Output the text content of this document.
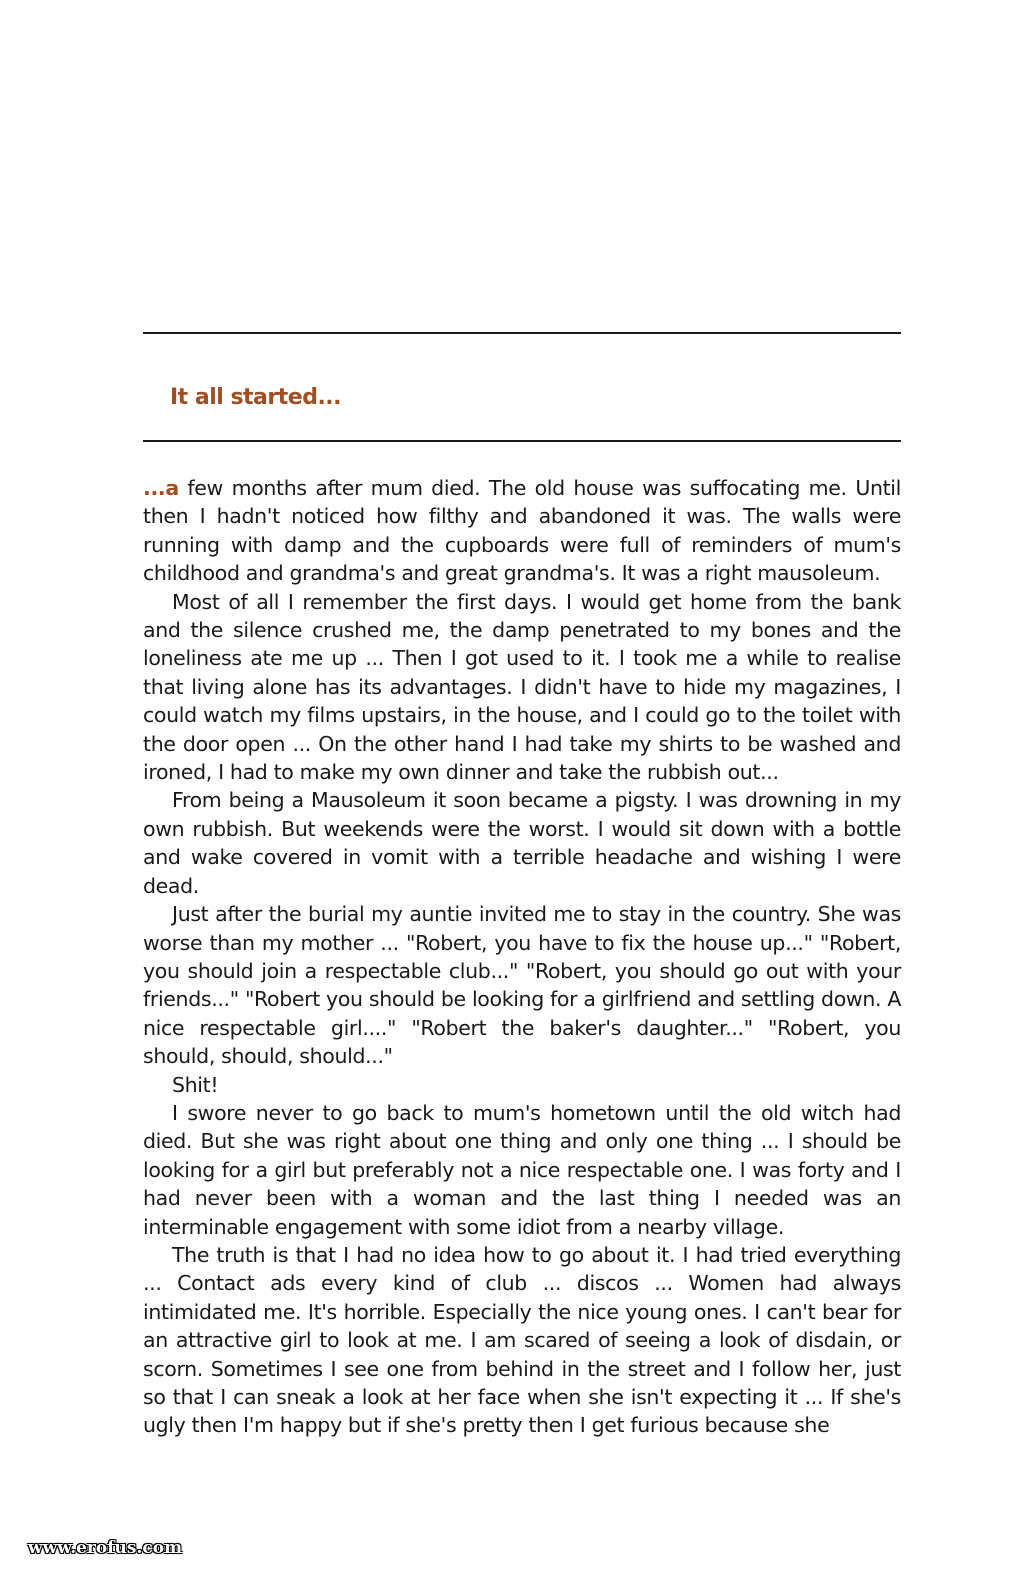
It all started...

...a few months after mum died. The old house was suffocating me. Until then I hadn't noticed how filthy and abandoned it was. The walls were running with damp and the cupboards were full of reminders of mum's childhood and grandma's and great grandma's. It was a right mausoleum.

Most of all I remember the first days. I would get home from the bank and the silence crushed me, the damp penetrated to my bones and the loneliness ate me up ... Then I got used to it. I took me a while to realise that living alone has its advantages. I didn't have to hide my magazines, I could watch my films upstairs, in the house, and I could go to the toilet with the door open ... On the other hand I had take my shirts to be washed and ironed, I had to make my own dinner and take the rubbish out...

From being a Mausoleum it soon became a pigsty. I was drowning in my own rubbish. But weekends were the worst. I would sit down with a bottle and wake covered in vomit with a terrible headache and wishing I were dead.

Just after the burial my auntie invited me to stay in the country. She was worse than my mother ... "Robert, you have to fix the house up..." "Robert, you should join a respectable club..." "Robert, you should go out with your friends..." "Robert you should be looking for a girlfriend and settling down. A nice respectable girl...." "Robert the baker's daughter..." "Robert, you should, should, should..."

Shit!

I swore never to go back to mum's hometown until the old witch had died. But she was right about one thing and only one thing ... I should be looking for a girl but preferably not a nice respectable one. I was forty and I had never been with a woman and the last thing I needed was an interminable engagement with some idiot from a nearby village.

The truth is that I had no idea how to go about it. I had tried everything ... Contact ads every kind of club ... discos ... Women had always intimidated me. It's horrible. Especially the nice young ones. I can't bear for an attractive girl to look at me. I am scared of seeing a look of disdain, or scorn. Sometimes I see one from behind in the street and I follow her, just so that I can sneak a look at her face when she isn't expecting it ... If she's ugly then I'm happy but if she's pretty then I get furious because she

www.erofus.com
